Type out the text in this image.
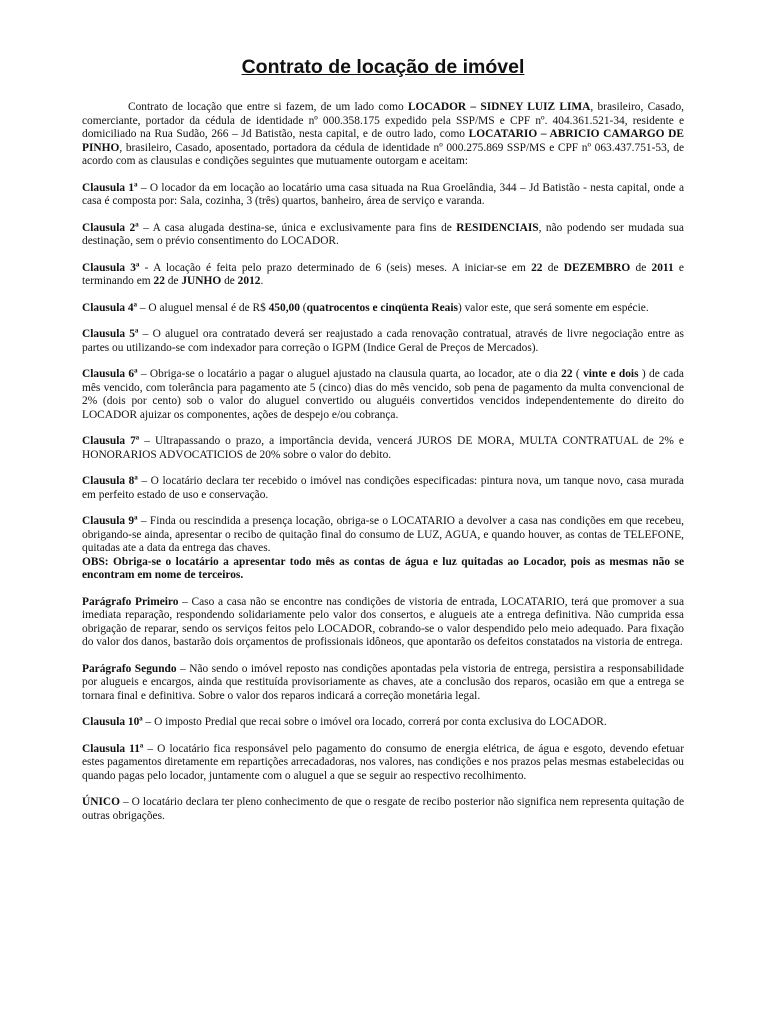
Contrato de locação de imóvel

Contrato de locação que entre si fazem, de um lado como LOCADOR – SIDNEY LUIZ LIMA, brasileiro, Casado, comerciante, portador da cédula de identidade nº 000.358.175 expedido pela SSP/MS e CPF nº. 404.361.521-34, residente e domiciliado na Rua Sudão, 266 – Jd Batistão, nesta capital, e de outro lado, como LOCATARIO – ABRICIO CAMARGO DE PINHO, brasileiro, Casado, aposentado, portadora da cédula de identidade nº 000.275.869 SSP/MS e CPF nº 063.437.751-53, de acordo com as clausulas e condições seguintes que mutuamente outorgam e aceitam:

Clausula 1ª – O locador da em locação ao locatário uma casa situada na Rua Groelândia, 344 – Jd Batistão - nesta capital, onde a casa é composta por: Sala, cozinha, 3 (três) quartos, banheiro, área de serviço e varanda.

Clausula 2ª – A casa alugada destina-se, única e exclusivamente para fins de RESIDENCIAIS, não podendo ser mudada sua destinação, sem o prévio consentimento do LOCADOR.

Clausula 3ª - A locação é feita pelo prazo determinado de 6 (seis) meses. A iniciar-se em 22 de DEZEMBRO de 2011 e terminando em 22 de JUNHO de 2012.

Clausula 4ª – O aluguel mensal é de R$ 450,00 (quatrocentos e cinqüenta Reais) valor este, que será somente em espécie.

Clausula 5ª – O aluguel ora contratado deverá ser reajustado a cada renovação contratual, através de livre negociação entre as partes ou utilizando-se com indexador para correção o IGPM (Indice Geral de Preços de Mercados).

Clausula 6ª – Obriga-se o locatário a pagar o aluguel ajustado na clausula quarta, ao locador, ate o dia 22 ( vinte e dois ) de cada mês vencido, com tolerância para pagamento ate 5 (cinco) dias do mês vencido, sob pena de pagamento da multa convencional de 2% (dois por cento) sob o valor do aluguel convertido ou aluguéis convertidos vencidos independentemente do direito do LOCADOR ajuizar os componentes, ações de despejo e/ou cobrança.

Clausula 7ª – Ultrapassando o prazo, a importância devida, vencerá JUROS DE MORA, MULTA CONTRATUAL de 2% e HONORARIOS ADVOCATICIOS de 20% sobre o valor do debito.

Clausula 8ª – O locatário declara ter recebido o imóvel nas condições especificadas: pintura nova, um tanque novo, casa murada em perfeito estado de uso e conservação.

Clausula 9ª – Finda ou rescindida a presença locação, obriga-se o LOCATARIO a devolver a casa nas condições em que recebeu, obrigando-se ainda, apresentar o recibo de quitação final do consumo de LUZ, AGUA, e quando houver, as contas de TELEFONE, quitadas ate a data da entrega das chaves.

OBS: Obriga-se o locatário a apresentar todo mês as contas de água e luz quitadas ao Locador, pois as mesmas não se encontram em nome de terceiros.

Parágrafo Primeiro – Caso a casa não se encontre nas condições de vistoria de entrada, LOCATARIO, terá que promover a sua imediata reparação, respondendo solidariamente pelo valor dos consertos, e alugueis ate a entrega definitiva. Não cumprida essa obrigação de reparar, sendo os serviços feitos pelo LOCADOR, cobrando-se o valor despendido pelo meio adequado. Para fixação do valor dos danos, bastarão dois orçamentos de profissionais idôneos, que apontarão os defeitos constatados na vistoria de entrega.

Parágrafo Segundo – Não sendo o imóvel reposto nas condições apontadas pela vistoria de entrega, persistira a responsabilidade por alugueis e encargos, ainda que restituída provisoriamente as chaves, ate a conclusão dos reparos, ocasião em que a entrega se tornara final e definitiva. Sobre o valor dos reparos indicará a correção monetária legal.

Clausula 10ª – O imposto Predial que recai sobre o imóvel ora locado, correrá por conta exclusiva do LOCADOR.

Clausula 11ª – O locatário fica responsável pelo pagamento do consumo de energia elétrica, de água e esgoto, devendo efetuar estes pagamentos diretamente em repartições arrecadadoras, nos valores, nas condições e nos prazos pelas mesmas estabelecidas ou quando pagas pelo locador, juntamente com o aluguel a que se seguir ao respectivo recolhimento.

ÚNICO – O locatário declara ter pleno conhecimento de que o resgate de recibo posterior não significa nem representa quitação de outras obrigações.
